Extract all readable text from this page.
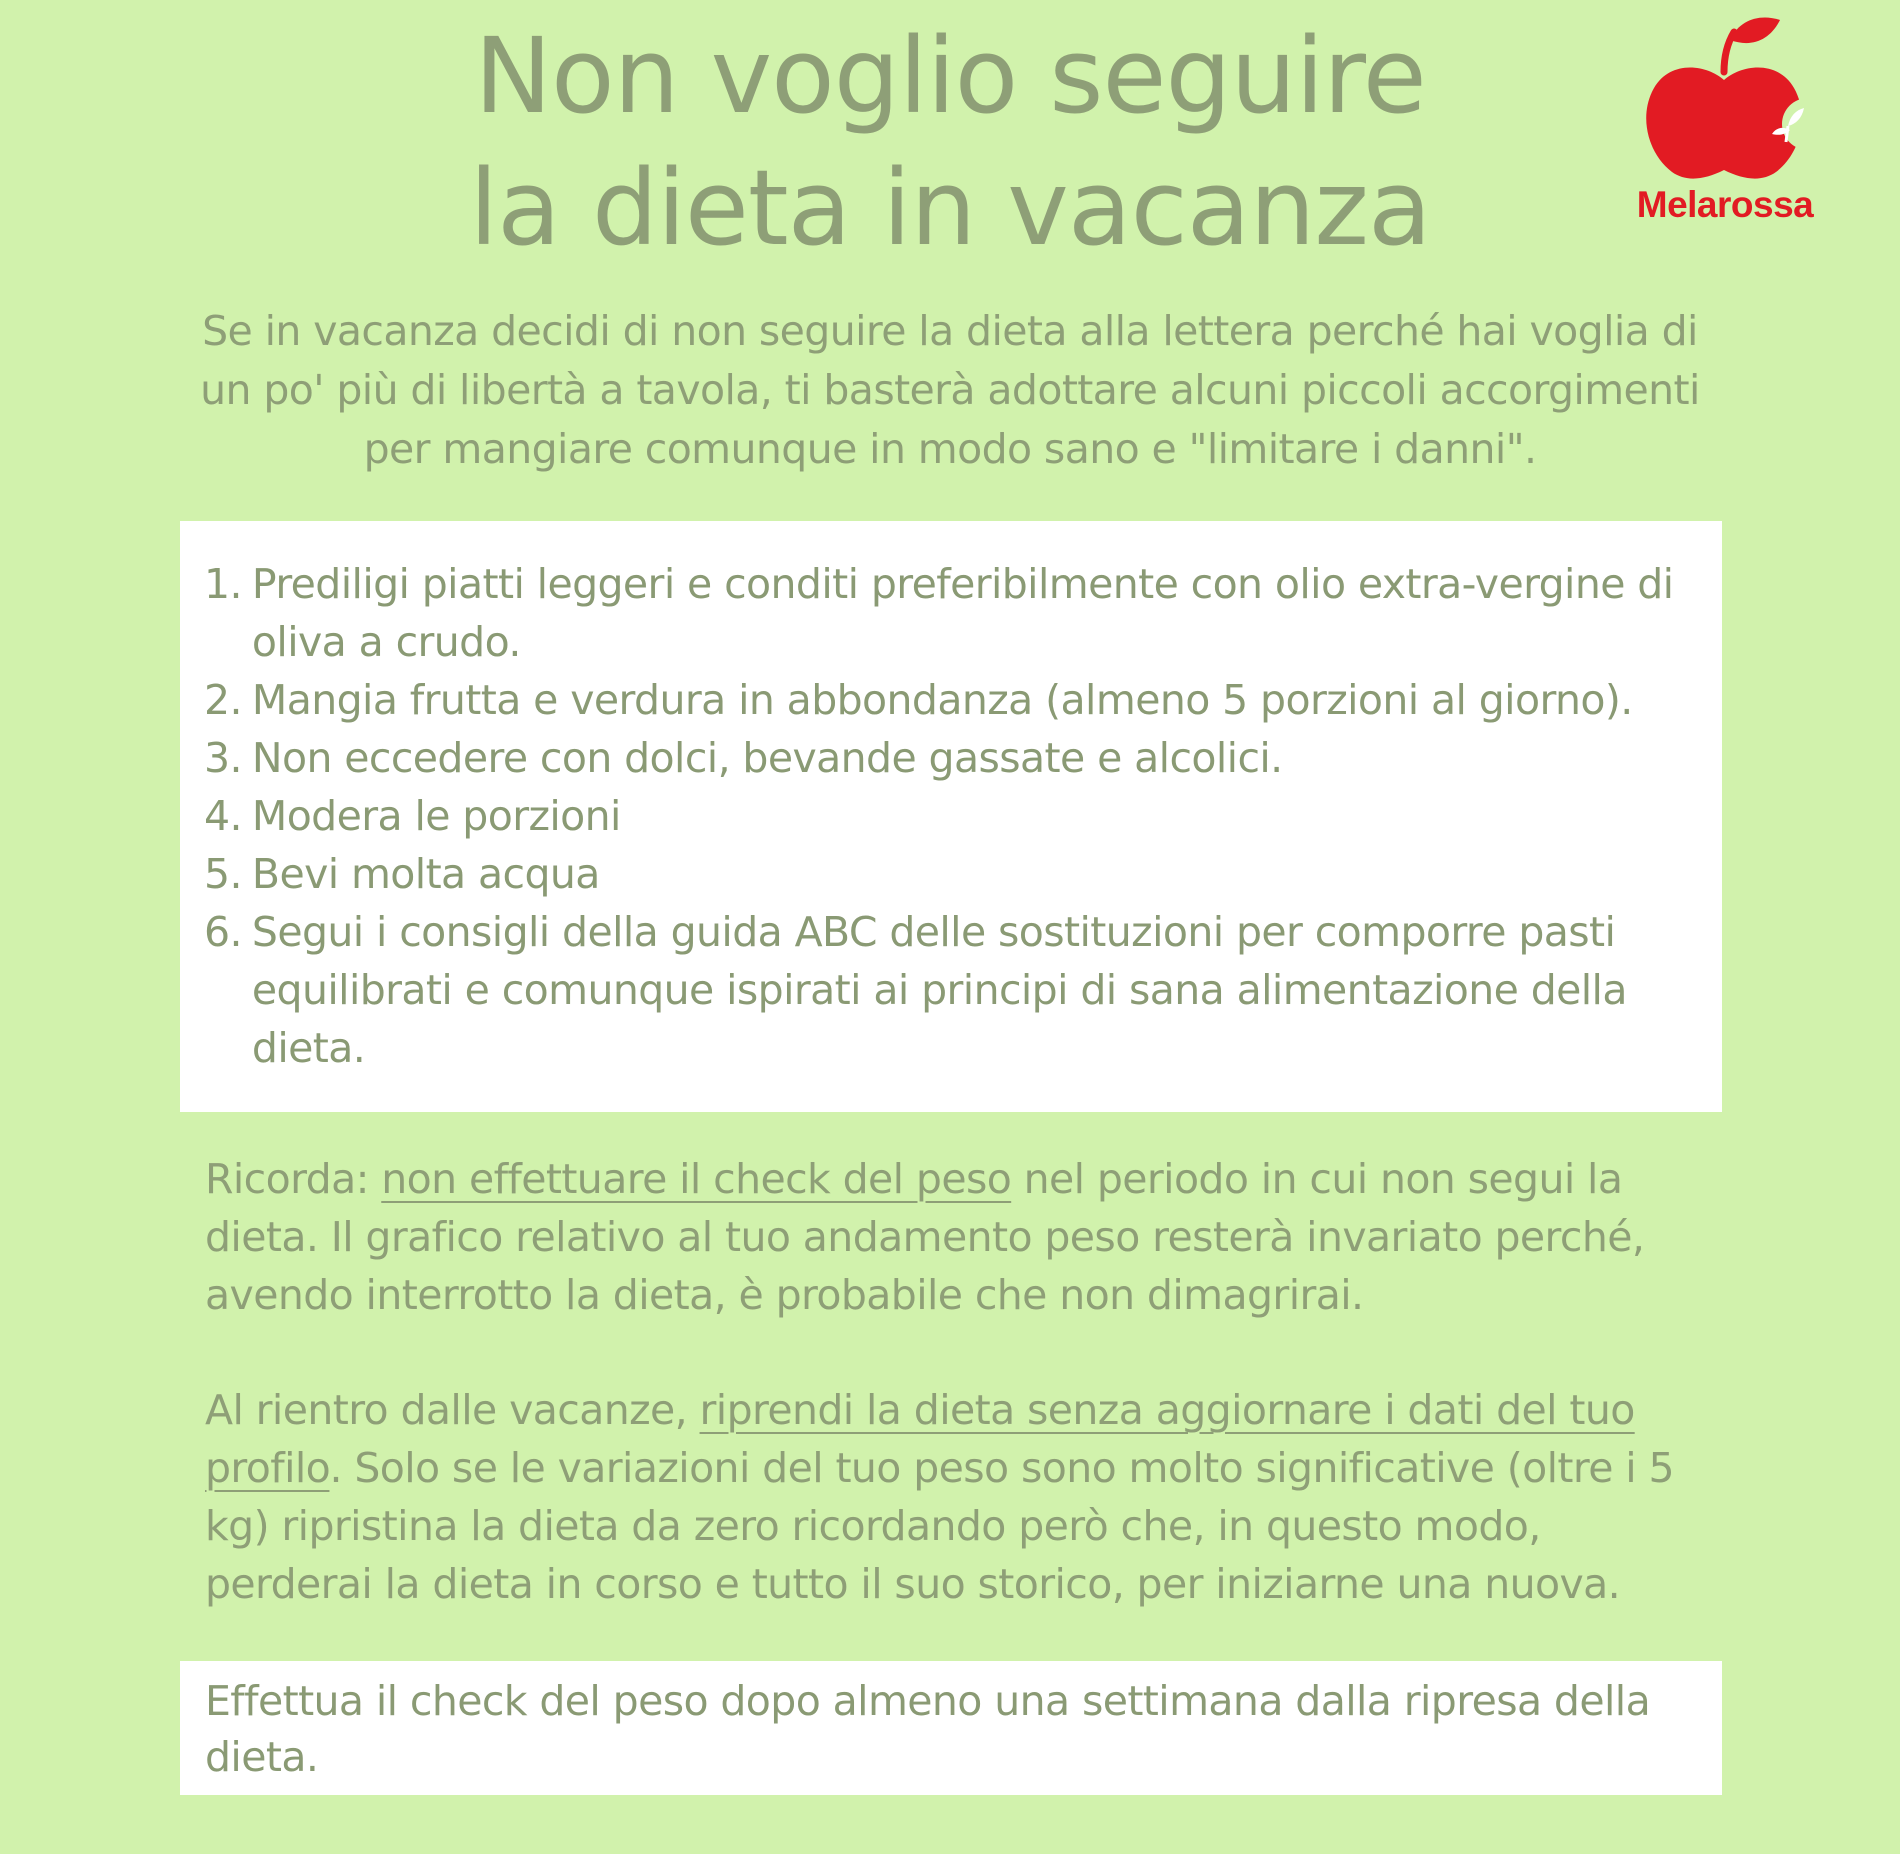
Non voglio seguire
la dieta in vacanza	Melarossa

Se in vacanza decidi di non seguire la dieta alla lettera perché hai voglia di un po' più di libertà a tavola, ti basterà adottare alcuni piccoli accorgimenti per mangiare comunque in modo sano e "limitare i danni".

1. Prediligi piatti leggeri e conditi preferibilmente con olio extra-vergine di oliva a crudo.
2. Mangia frutta e verdura in abbondanza (almeno 5 porzioni al giorno).
3. Non eccedere con dolci, bevande gassate e alcolici.
4. Modera le porzioni
5. Bevi molta acqua
6. Segui i consigli della guida ABC delle sostituzioni per comporre pasti equilibrati e comunque ispirati ai principi di sana alimentazione della dieta.

Ricorda: non effettuare il check del peso nel periodo in cui non segui la dieta. Il grafico relativo al tuo andamento peso resterà invariato perché, avendo interrotto la dieta, è probabile che non dimagrirai.

Al rientro dalle vacanze, riprendi la dieta senza aggiornare i dati del tuo profilo. Solo se le variazioni del tuo peso sono molto significative (oltre i 5 kg) ripristina la dieta da zero ricordando però che, in questo modo, perderai la dieta in corso e tutto il suo storico, per iniziarne una nuova.

Effettua il check del peso dopo almeno una settimana dalla ripresa della dieta.
